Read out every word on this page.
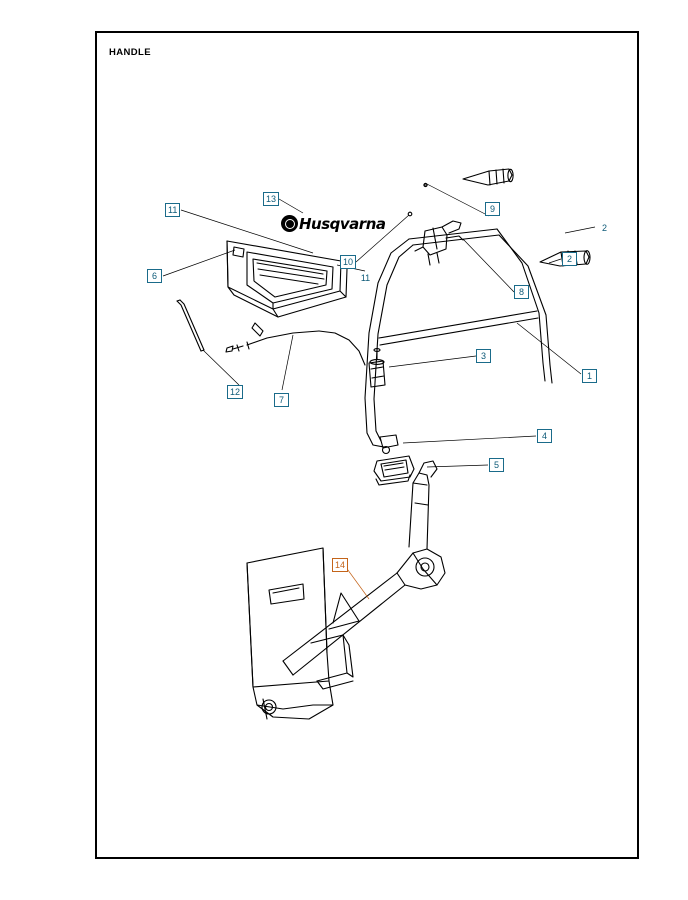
HANDLE
Husqvarna
1
2
2
3
4
5
6
7
8
9
10
11
11
12
13
14
